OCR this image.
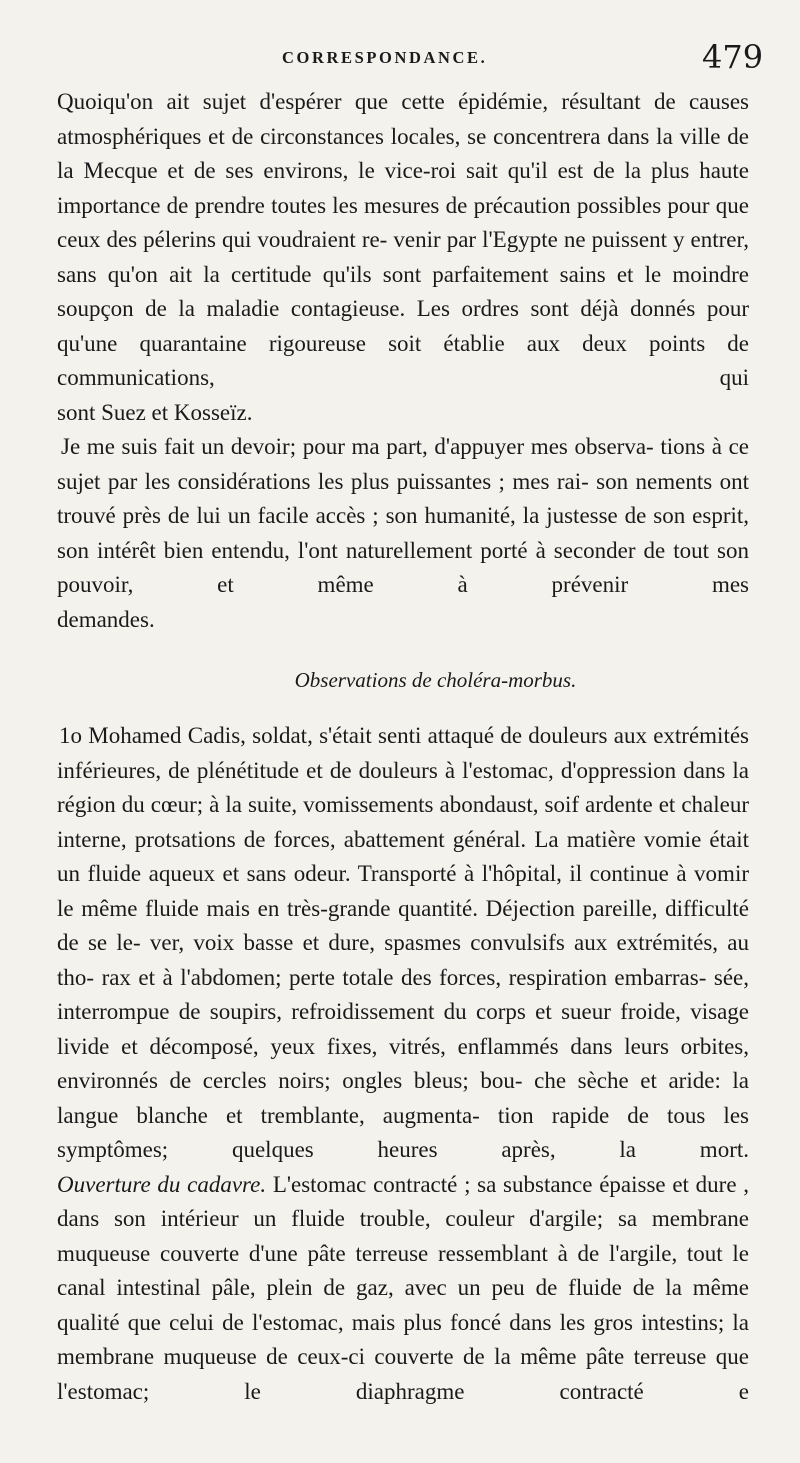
CORRESPONDANCE.	479

Quoiqu'on ait sujet d'espérer que cette épidémie, résultant de causes atmosphériques et de circonstances locales, se concentrera dans la ville de la Mecque et de ses environs, le vice-roi sait qu'il est de la plus haute importance de prendre toutes les mesures de précaution possibles pour que ceux des pélerins qui voudraient re- venir par l'Egypte ne puissent y entrer, sans qu'on ait la certitude qu'ils sont parfaitement sains et le moindre soupçon de la maladie contagieuse. Les ordres sont déjà donnés pour qu'une quarantaine rigoureuse soit établie aux deux points de communications, qui

sont Suez et Kosseïz.

Je me suis fait un devoir; pour ma part, d'appuyer mes observa- tions à ce sujet par les considérations les plus puissantes ; mes rai- son nements ont trouvé près de lui un facile accès ; son humanité, la justesse de son esprit, son intérêt bien entendu, l'ont naturellement porté à seconder de tout son pouvoir, et même à prévenir mes

demandes.

Observations de choléra-morbus.

1o Mohamed Cadis, soldat, s'était senti attaqué de douleurs aux extrémités inférieures, de plénétitude et de douleurs à l'estomac, d'oppression dans la région du cœur; à la suite, vomissements abondaust, soif ardente et chaleur interne, protsations de forces, abattement général. La matière vomie était un fluide aqueux et sans odeur. Transporté à l'hôpital, il continue à vomir le même fluide mais en très-grande quantité. Déjection pareille, difficulté de se le- ver, voix basse et dure, spasmes convulsifs aux extrémités, au tho- rax et à l'abdomen; perte totale des forces, respiration embarras- sée, interrompue de soupirs, refroidissement du corps et sueur froide, visage livide et décomposé, yeux fixes, vitrés, enflammés dans leurs orbites, environnés de cercles noirs; ongles bleus; bou- che sèche et aride: la langue blanche et tremblante, augmenta- tion rapide de tous les symptômes; quelques heures après, la mort.

Ouverture du cadavre. L'estomac contracté ; sa substance épaisse et dure , dans son intérieur un fluide trouble, couleur d'argile; sa membrane muqueuse couverte d'une pâte terreuse ressemblant à de l'argile, tout le canal intestinal pâle, plein de gaz, avec un peu de fluide de la même qualité que celui de l'estomac, mais plus foncé dans les gros intestins; la membrane muqueuse de ceux-ci couverte de la même pâte terreuse que l'estomac; le diaphragme contracté e
